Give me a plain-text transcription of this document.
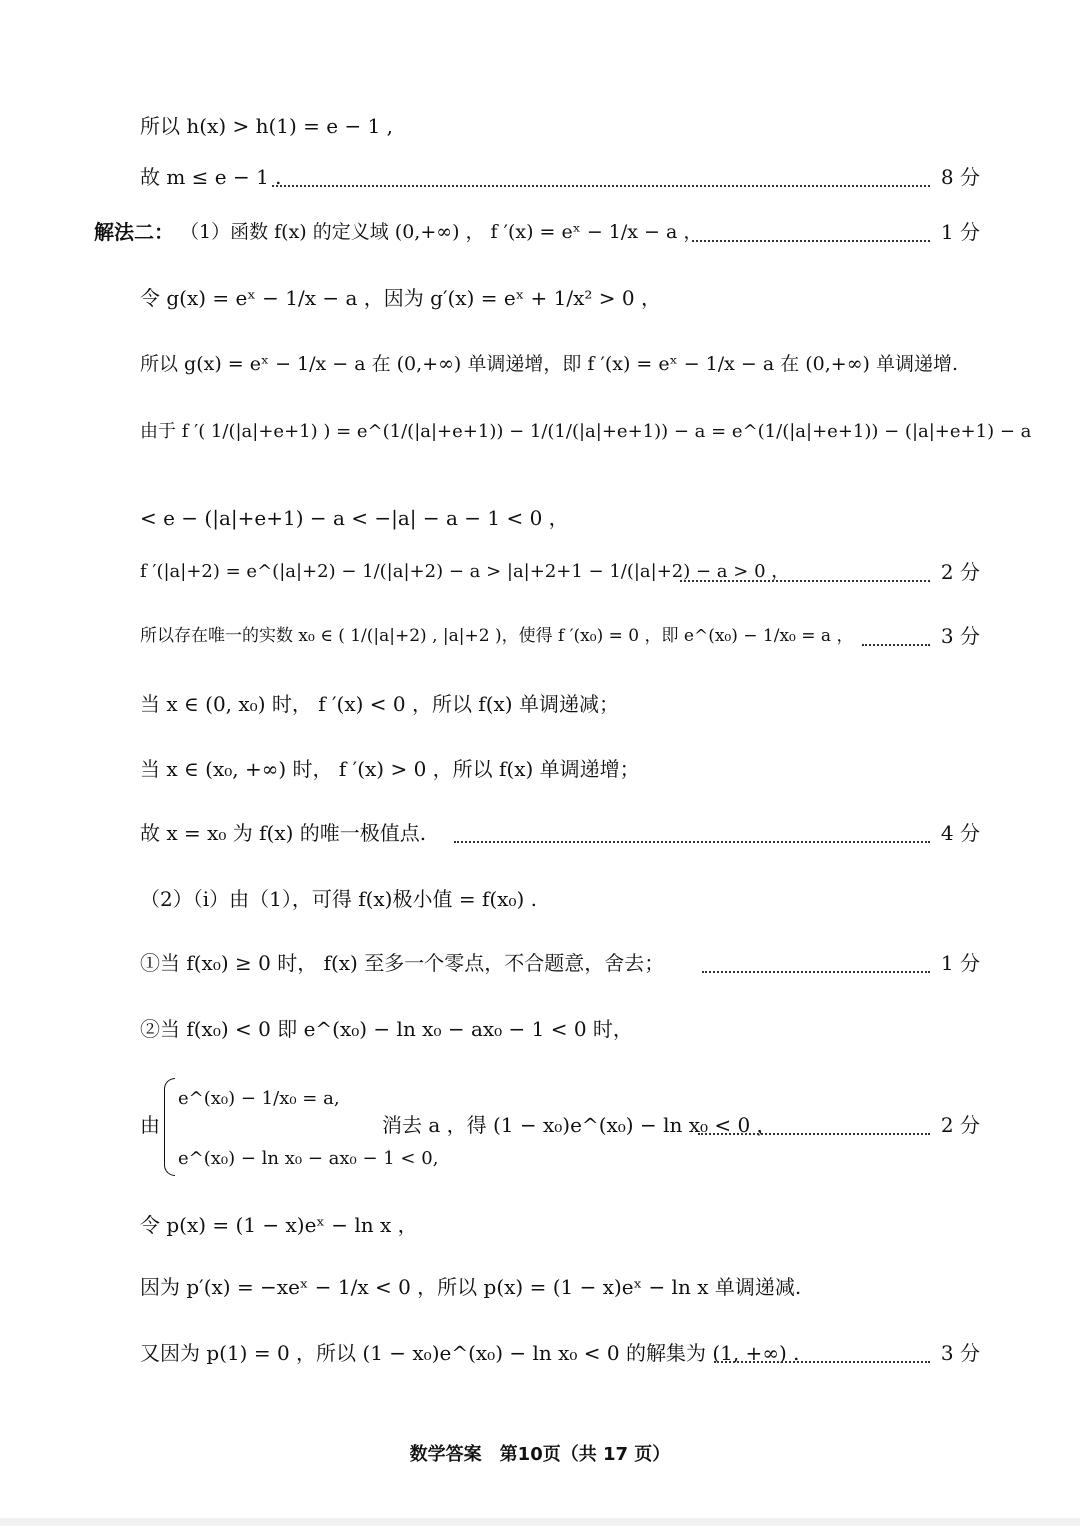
所以 h(x) > h(1) = e − 1 ,
故 m ≤ e − 1 .	8 分
解法二： （1）函数 f(x) 的定义域 (0,+∞) ， f ′(x) = eˣ − 1/x − a ，	1 分
令 g(x) = eˣ − 1/x − a ，因为 g′(x) = eˣ + 1/x² > 0 ，
所以 g(x) = eˣ − 1/x − a 在 (0,+∞) 单调递增，即 f ′(x) = eˣ − 1/x − a 在 (0,+∞) 单调递增.
由于 f ′( 1/(|a|+e+1) ) = e^(1/(|a|+e+1)) − 1/(1/(|a|+e+1)) − a = e^(1/(|a|+e+1)) − (|a|+e+1) − a
< e − (|a|+e+1) − a < −|a| − a − 1 < 0 ，
f ′(|a|+2) = e^(|a|+2) − 1/(|a|+2) − a > |a|+2+1 − 1/(|a|+2) − a > 0 ，	2 分
所以存在唯一的实数 x₀ ∈ ( 1/(|a|+2) , |a|+2 )，使得 f ′(x₀) = 0 ，即 e^(x₀) − 1/x₀ = a ，	3 分
当 x ∈ (0, x₀) 时， f ′(x) < 0 ，所以 f(x) 单调递减；
当 x ∈ (x₀, +∞) 时， f ′(x) > 0 ，所以 f(x) 单调递增；
故 x = x₀ 为 f(x) 的唯一极值点.	4 分
（2）（i）由（1），可得 f(x)极小值 = f(x₀) .
①当 f(x₀) ≥ 0 时， f(x) 至多一个零点，不合题意，舍去；	1 分
②当 f(x₀) < 0 即 e^(x₀) − ln x₀ − ax₀ − 1 < 0 时，
由
e^(x₀) − 1/x₀ = a,
e^(x₀) − ln x₀ − ax₀ − 1 < 0,
消去 a ，得 (1 − x₀)e^(x₀) − ln x₀ < 0 ，	2 分
令 p(x) = (1 − x)eˣ − ln x ，
因为 p′(x) = −xeˣ − 1/x < 0 ，所以 p(x) = (1 − x)eˣ − ln x 单调递减.
又因为 p(1) = 0 ，所以 (1 − x₀)e^(x₀) − ln x₀ < 0 的解集为 (1, +∞) .	3 分
数学答案　第10页（共 17 页）
